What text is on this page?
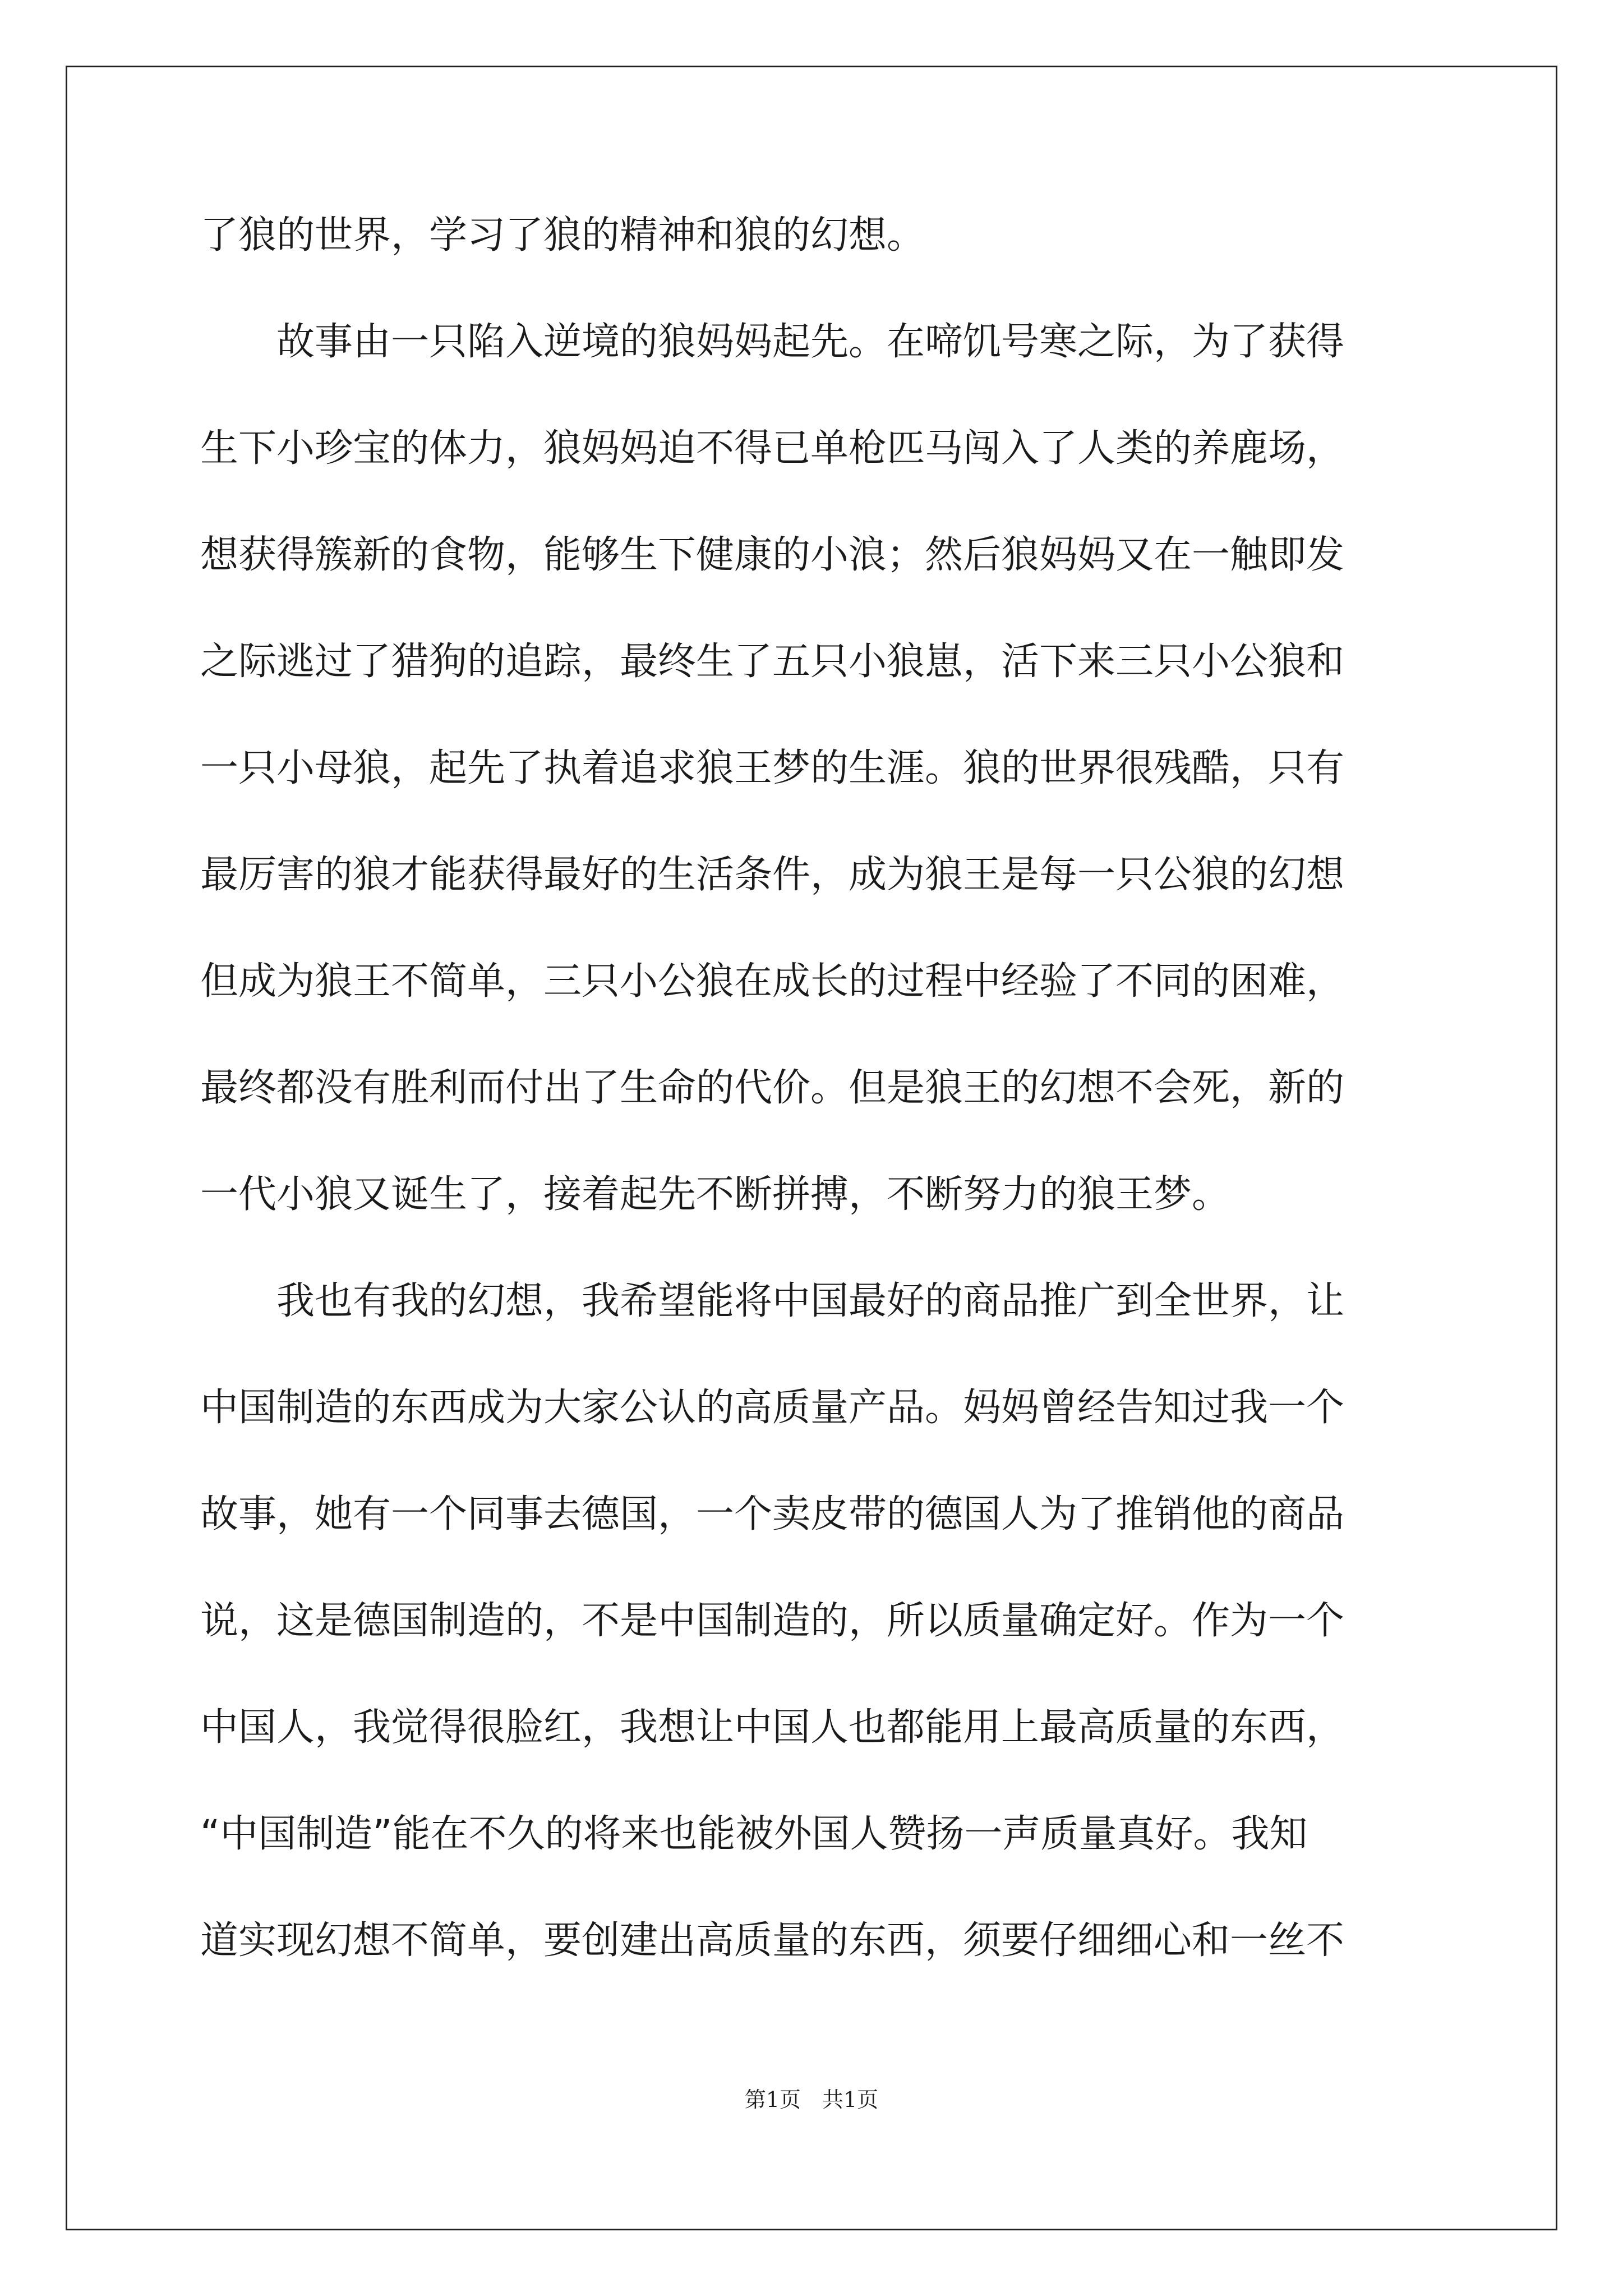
了狼的世界，学习了狼的精神和狼的幻想。
　　故事由一只陷入逆境的狼妈妈起先。在啼饥号寒之际，为了获得
生下小珍宝的体力，狼妈妈迫不得已单枪匹马闯入了人类的养鹿场，
想获得簇新的食物，能够生下健康的小浪；然后狼妈妈又在一触即发
之际逃过了猎狗的追踪，最终生了五只小狼崽，活下来三只小公狼和
一只小母狼，起先了执着追求狼王梦的生涯。狼的世界很残酷，只有
最厉害的狼才能获得最好的生活条件，成为狼王是每一只公狼的幻想
但成为狼王不简单，三只小公狼在成长的过程中经验了不同的困难，
最终都没有胜利而付出了生命的代价。但是狼王的幻想不会死，新的
一代小狼又诞生了，接着起先不断拼搏，不断努力的狼王梦。
　　我也有我的幻想，我希望能将中国最好的商品推广到全世界，让
中国制造的东西成为大家公认的高质量产品。妈妈曾经告知过我一个
故事，她有一个同事去德国，一个卖皮带的德国人为了推销他的商品
说，这是德国制造的，不是中国制造的，所以质量确定好。作为一个
中国人，我觉得很脸红，我想让中国人也都能用上最高质量的东西，
“中国制造”能在不久的将来也能被外国人赞扬一声质量真好。我知
道实现幻想不简单，要创建出高质量的东西，须要仔细细心和一丝不
第1页　共1页
